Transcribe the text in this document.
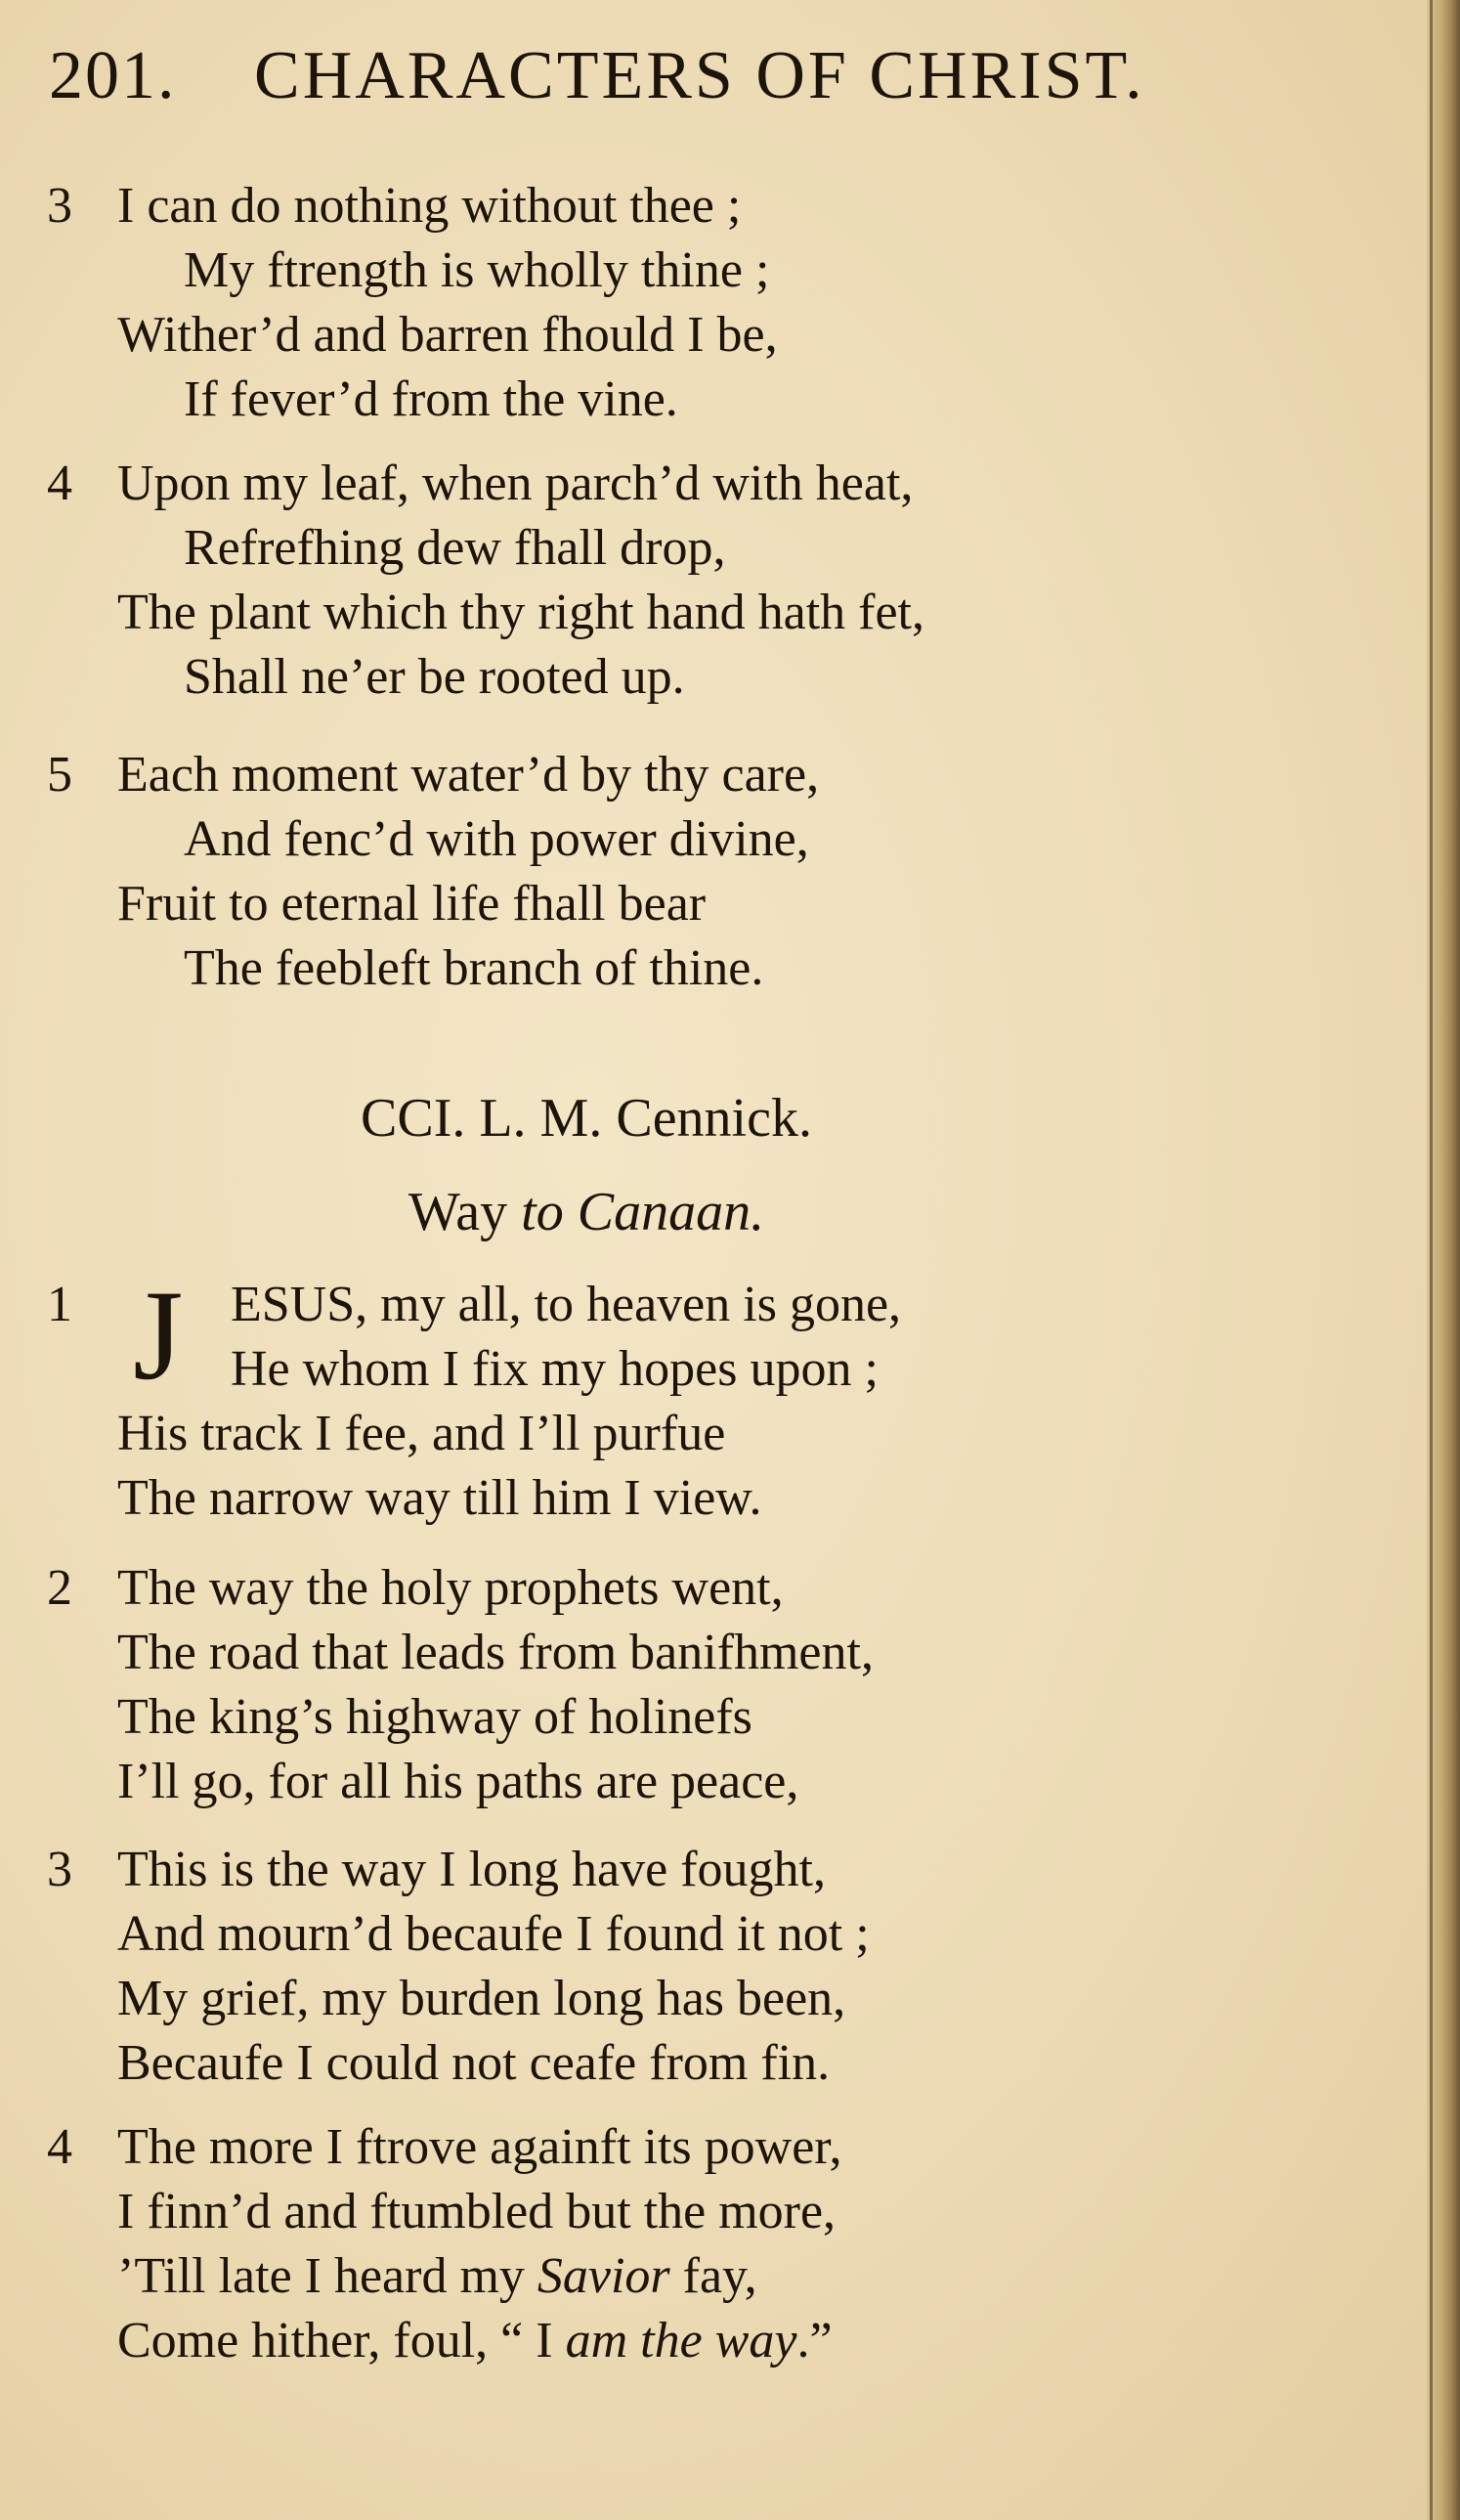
201. CHARACTERS OF CHRIST.
3 I can do nothing without thee ;
My ftrength is wholly thine ;
Wither’d and barren fhould I be,
If fever’d from the vine.
4 Upon my leaf, when parch’d with heat,
Refrefhing dew fhall drop,
The plant which thy right hand hath fet,
Shall ne’er be rooted up.
5 Each moment water’d by thy care,
And fenc’d with power divine,
Fruit to eternal life fhall bear
The feebleft branch of thine.
CCI. L. M. Cennick.
Way to Canaan.
1 J ESUS, my all, to heaven is gone,
He whom I fix my hopes upon ;
His track I fee, and I’ll purfue
The narrow way till him I view.
2 The way the holy prophets went,
The road that leads from banifhment,
The king’s highway of holinefs
I’ll go, for all his paths are peace,
3 This is the way I long have fought,
And mourn’d becaufe I found it not ;
My grief, my burden long has been,
Becaufe I could not ceafe from fin.
4 The more I ftrove againft its power,
I finn’d and ftumbled but the more,
’Till late I heard my Savior fay,
Come hither, foul, “ I am the way.”
